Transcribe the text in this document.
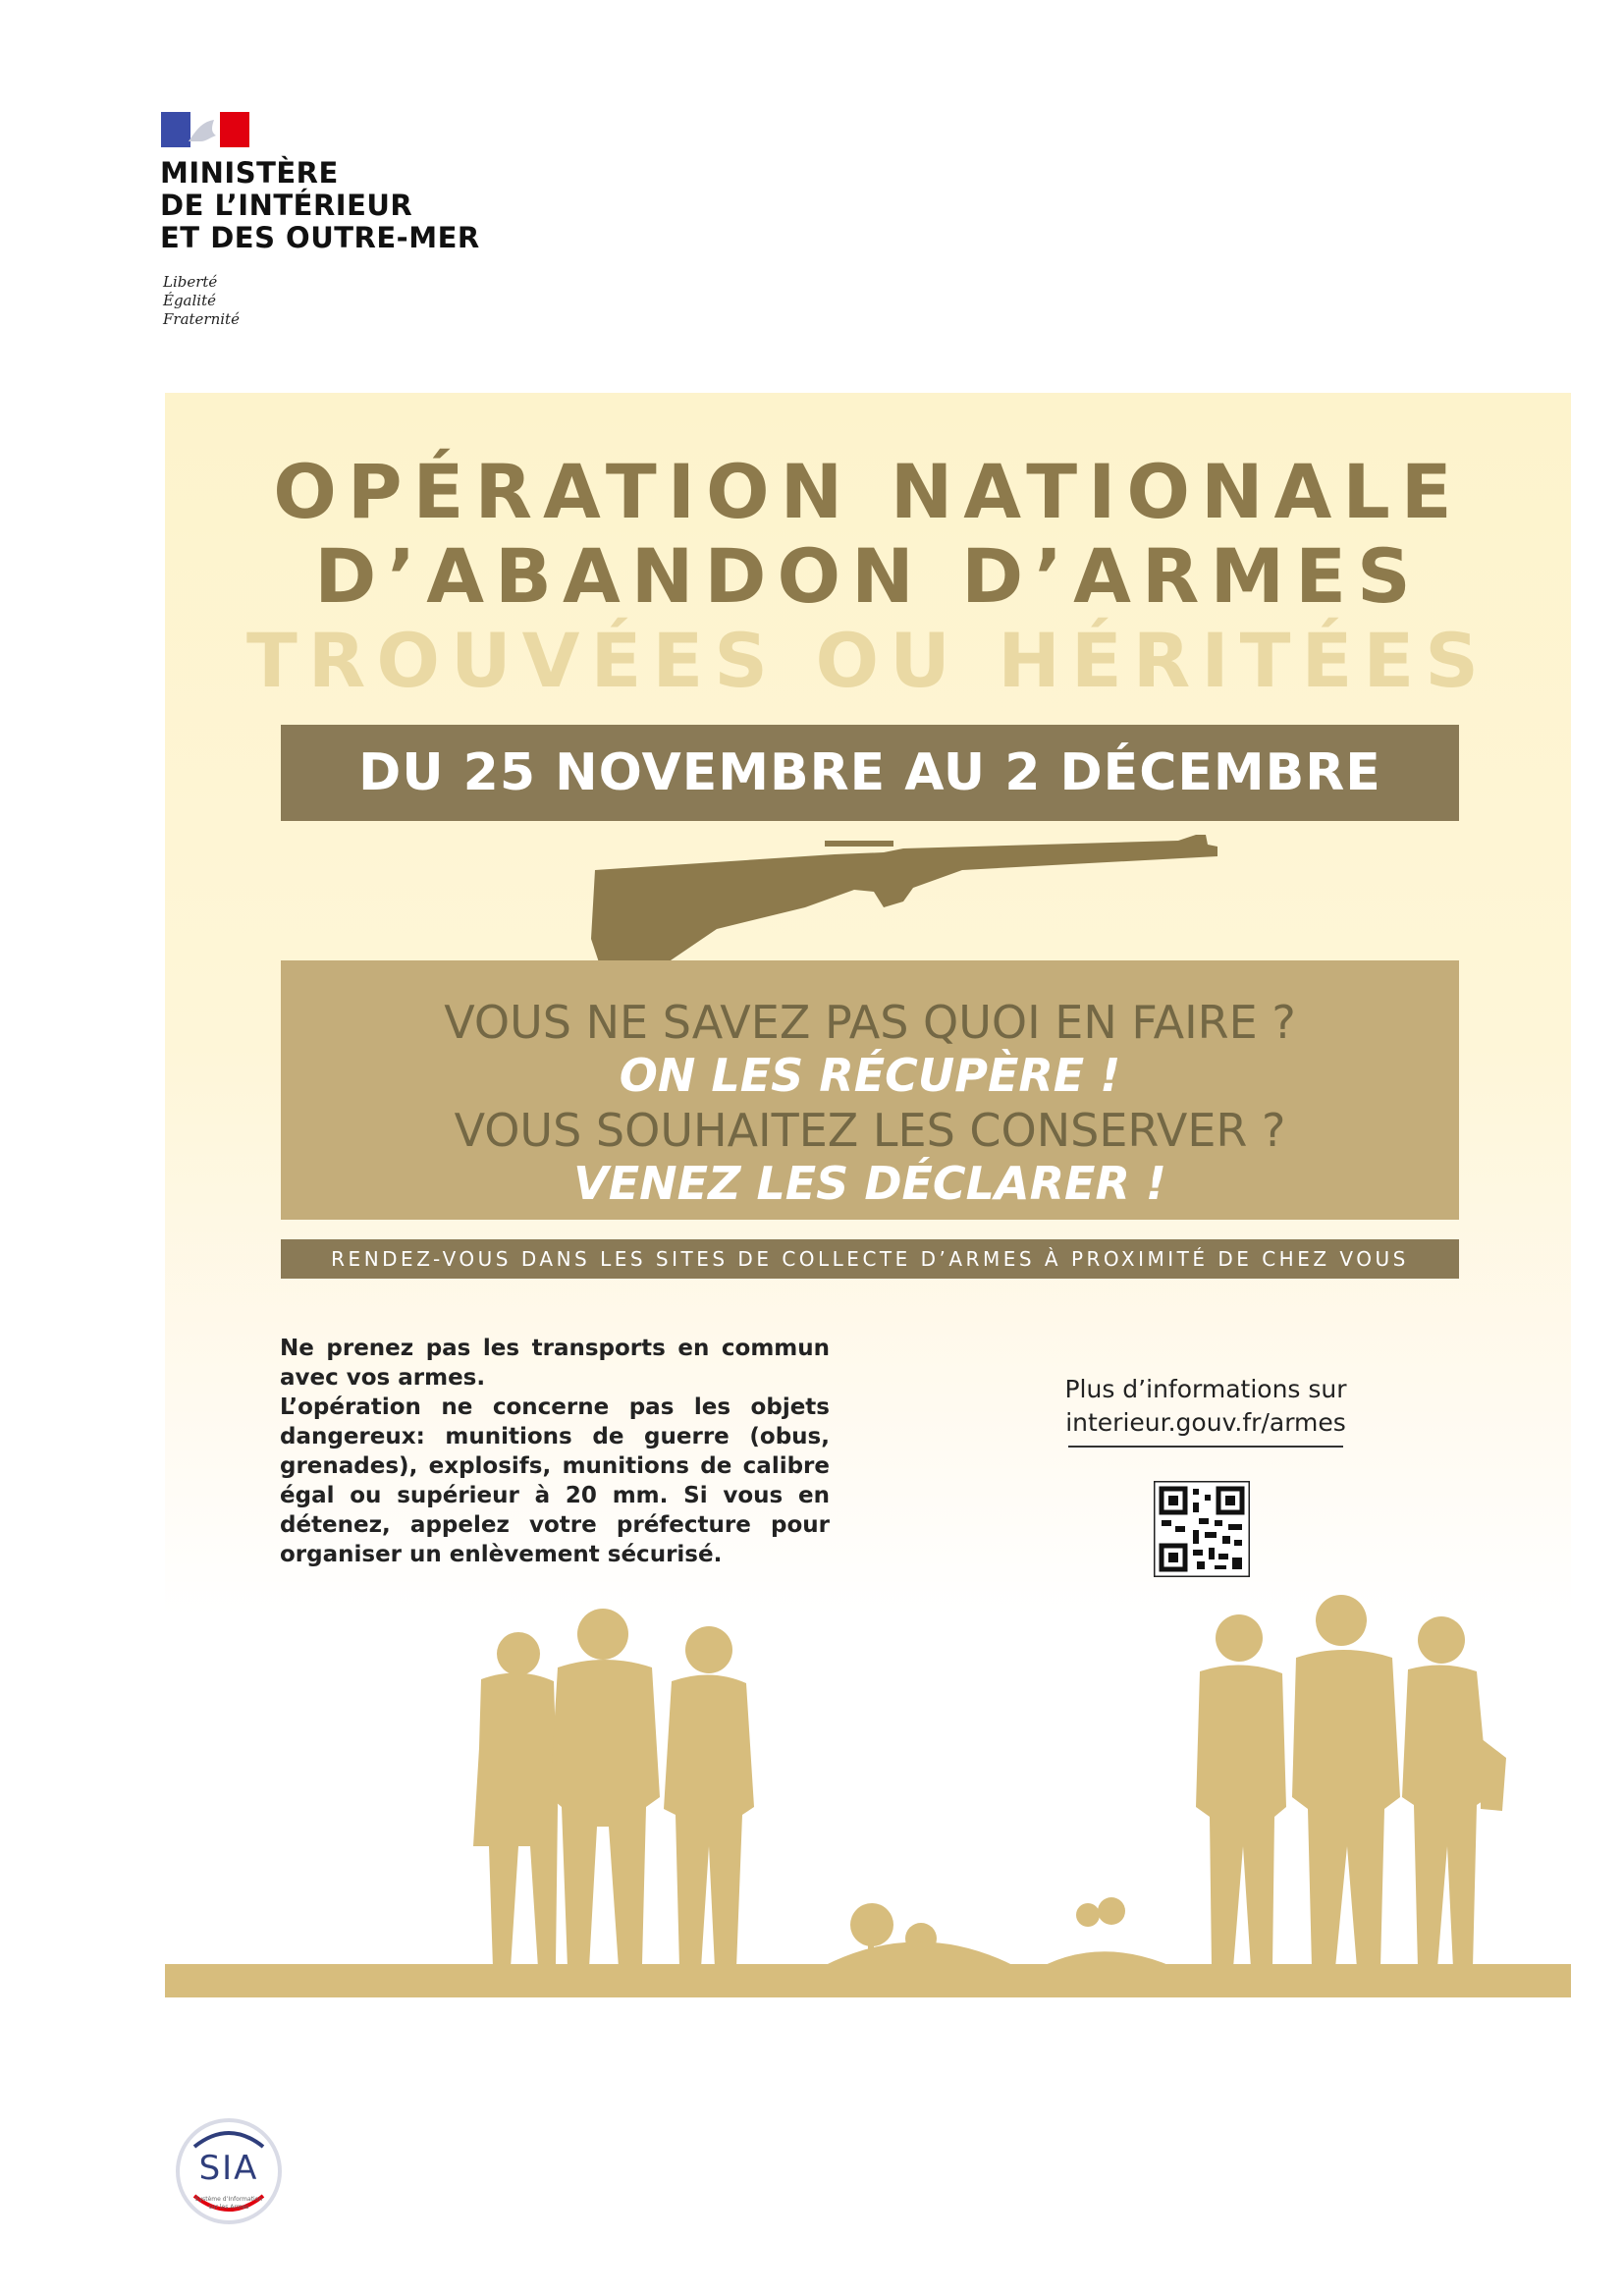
MINISTÈRE
DE L’INTÉRIEUR
ET DES OUTRE-MER
Liberté
Égalité
Fraternité
OPÉRATION NATIONALE
D’ABANDON D’ARMES
TROUVÉES OU HÉRITÉES
DU 25 NOVEMBRE AU 2 DÉCEMBRE
VOUS NE SAVEZ PAS QUOI EN FAIRE ?
ON LES RÉCUPÈRE !
VOUS SOUHAITEZ LES CONSERVER ?
VENEZ LES DÉCLARER !
RENDEZ-VOUS DANS LES SITES DE COLLECTE D’ARMES À PROXIMITÉ DE CHEZ VOUS
Ne prenez pas les transports en commun avec vos armes.
L’opération ne concerne pas les objets dangereux: munitions de guerre (obus, grenades), explosifs, munitions de calibre égal ou supérieur à 20 mm. Si vous en détenez, appelez votre préfecture pour organiser un enlèvement sécurisé.
Plus d’informations sur
interieur.gouv.fr/armes
SIA
Système d’Information sur les Armes
